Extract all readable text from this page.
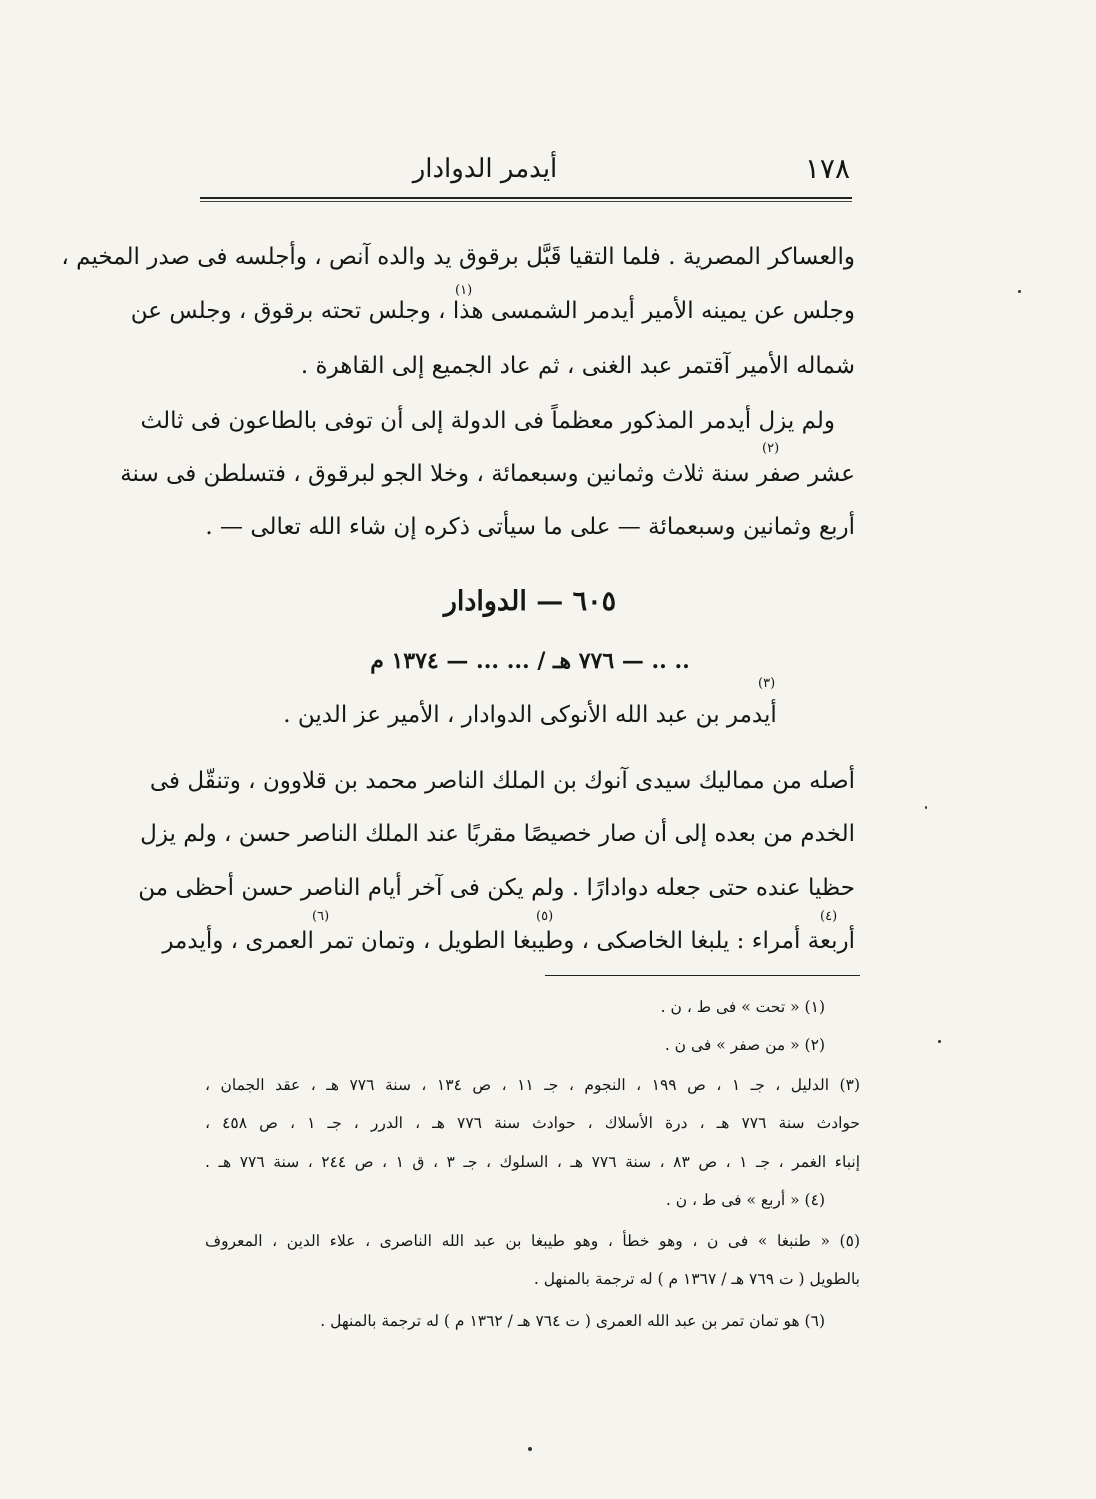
١٧٨
أيدمر الدوادار
والعساكر المصرية . فلما التقيا قَبَّل برقوق يد والده آنص ، وأجلسه فى صدر المخيم ،
وجلس عن يمينه الأمير أيدمر الشمسى هذا ، وجلس تحته برقوق ، وجلس عن
(١)
شماله الأمير آقتمر عبد الغنى ، ثم عاد الجميع إلى القاهرة .
ولم يزل أيدمر المذكور معظماً فى الدولة إلى أن توفى بالطاعون فى ثالث
عشر صفر سنة ثلاث وثمانين وسبعمائة ، وخلا الجو لبرقوق ، فتسلطن فى سنة
(٢)
أربع وثمانين وسبعمائة — على ما سيأتى ذكره إن شاء الله تعالى — .
٦٠٥ — الدوادار
.. .. — ٧٧٦ هـ / ... ... — ١٣٧٤ م
(٣)
أيدمر بن عبد الله الأنوكى الدوادار ، الأمير عز الدين .
أصله من مماليك سيدى آنوك بن الملك الناصر محمد بن قلاوون ، وتنقّل فى
الخدم من بعده إلى أن صار خصيصًا مقربًا عند الملك الناصر حسن ، ولم يزل
حظيا عنده حتى جعله دوادارًا . ولم يكن فى آخر أيام الناصر حسن أحظى من
أربعة أمراء : يلبغا الخاصكى ، وطيبغا الطويل ، وتمان تمر العمرى ، وأيدمر
(٤)
(٥)
(٦)
(١) « تحت » فى ط ، ن .
(٢) « من صفر » فى ن .
(٣) الدليل ، جـ ١ ، ص ١٩٩ ، النجوم ، جـ ١١ ، ص ١٣٤ ، سنة ٧٧٦ هـ ، عقد الجمان ،
حوادث سنة ٧٧٦ هـ ، درة الأسلاك ، حوادث سنة ٧٧٦ هـ ، الدرر ، جـ ١ ، ص ٤٥٨ ،
إنباء الغمر ، جـ ١ ، ص ٨٣ ، سنة ٧٧٦ هـ ، السلوك ، جـ ٣ ، ق ١ ، ص ٢٤٤ ، سنة ٧٧٦ هـ .
(٤) « أربع » فى ط ، ن .
(٥) « طنبغا » فى ن ، وهو خطأ ، وهو طيبغا بن عبد الله الناصرى ، علاء الدين ، المعروف
بالطويل ( ت ٧٦٩ هـ / ١٣٦٧ م ) له ترجمة بالمنهل .
(٦) هو تمان تمر بن عبد الله العمرى ( ت ٧٦٤ هـ / ١٣٦٢ م ) له ترجمة بالمنهل .
